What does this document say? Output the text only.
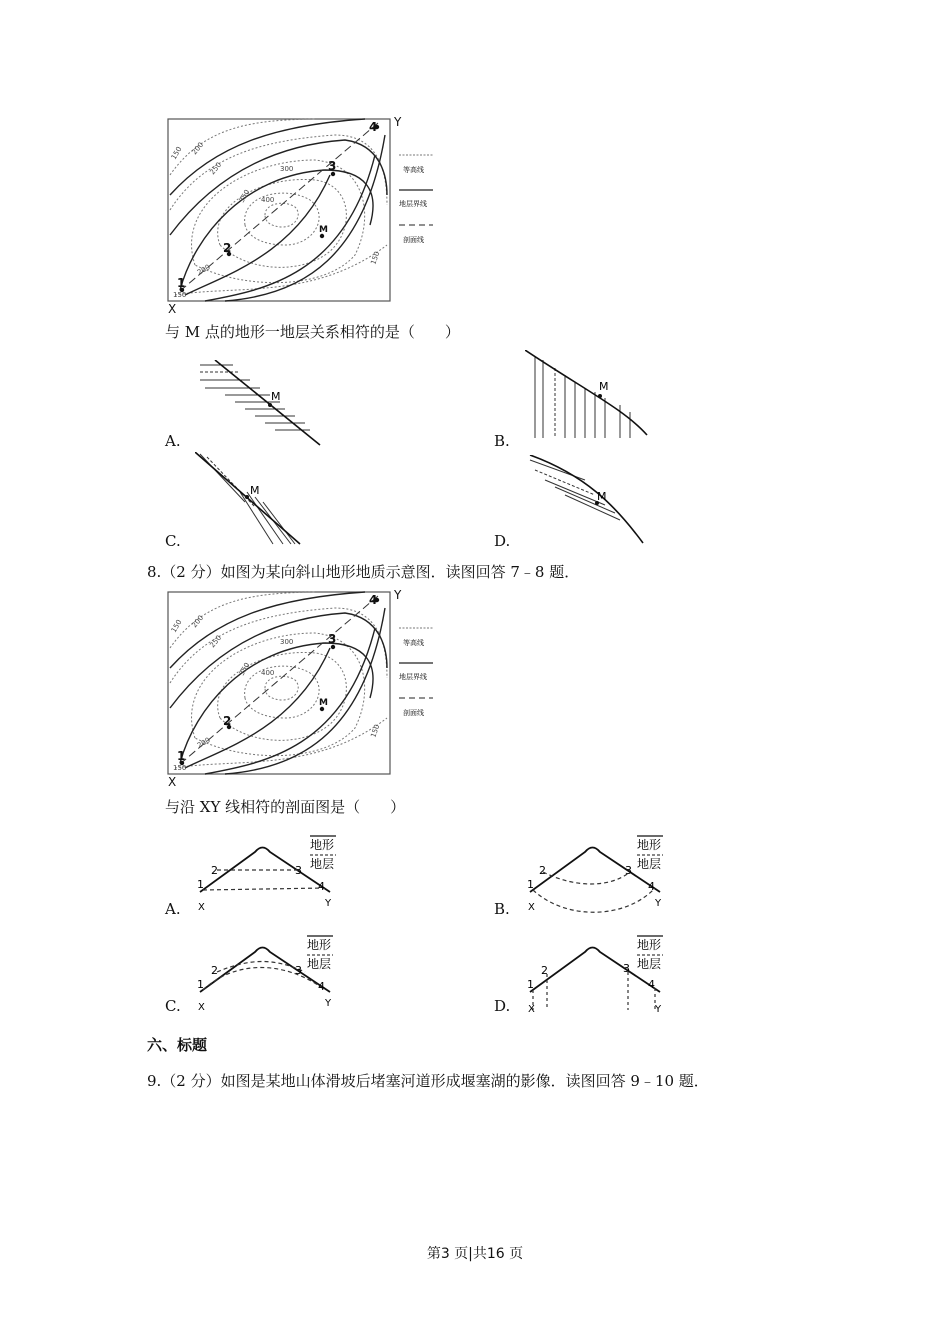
150 200
250	300
350 400
150
200
150
1
2
3
4
M
X
Y
等高线
地层界线
剖面线
与 M 点的地形一地层关系相符的是（　　）
M
A.
M
B.
M
C.
M
D.
8.（2 分）如图为某向斜山地形地质示意图．读图回答 7﹣8 题．
150 200
250	300
350 400
150
200
150
1
2
3
4
M
X
Y
等高线
地层界线
剖面线
与沿 XY 线相符的剖面图是（　　）
1
2	3
4
X	Y
地形
地层
A.
1
2	3
4
X	Y
地形
地层
B.
1
2	3
4
X	Y
地形
地层
C.
1
2	3
4
X	Y
地形
地层
D.
六、标题
9.（2 分）如图是某地山体滑坡后堵塞河道形成堰塞湖的影像．读图回答 9﹣10 题．
第3 页|共16 页
